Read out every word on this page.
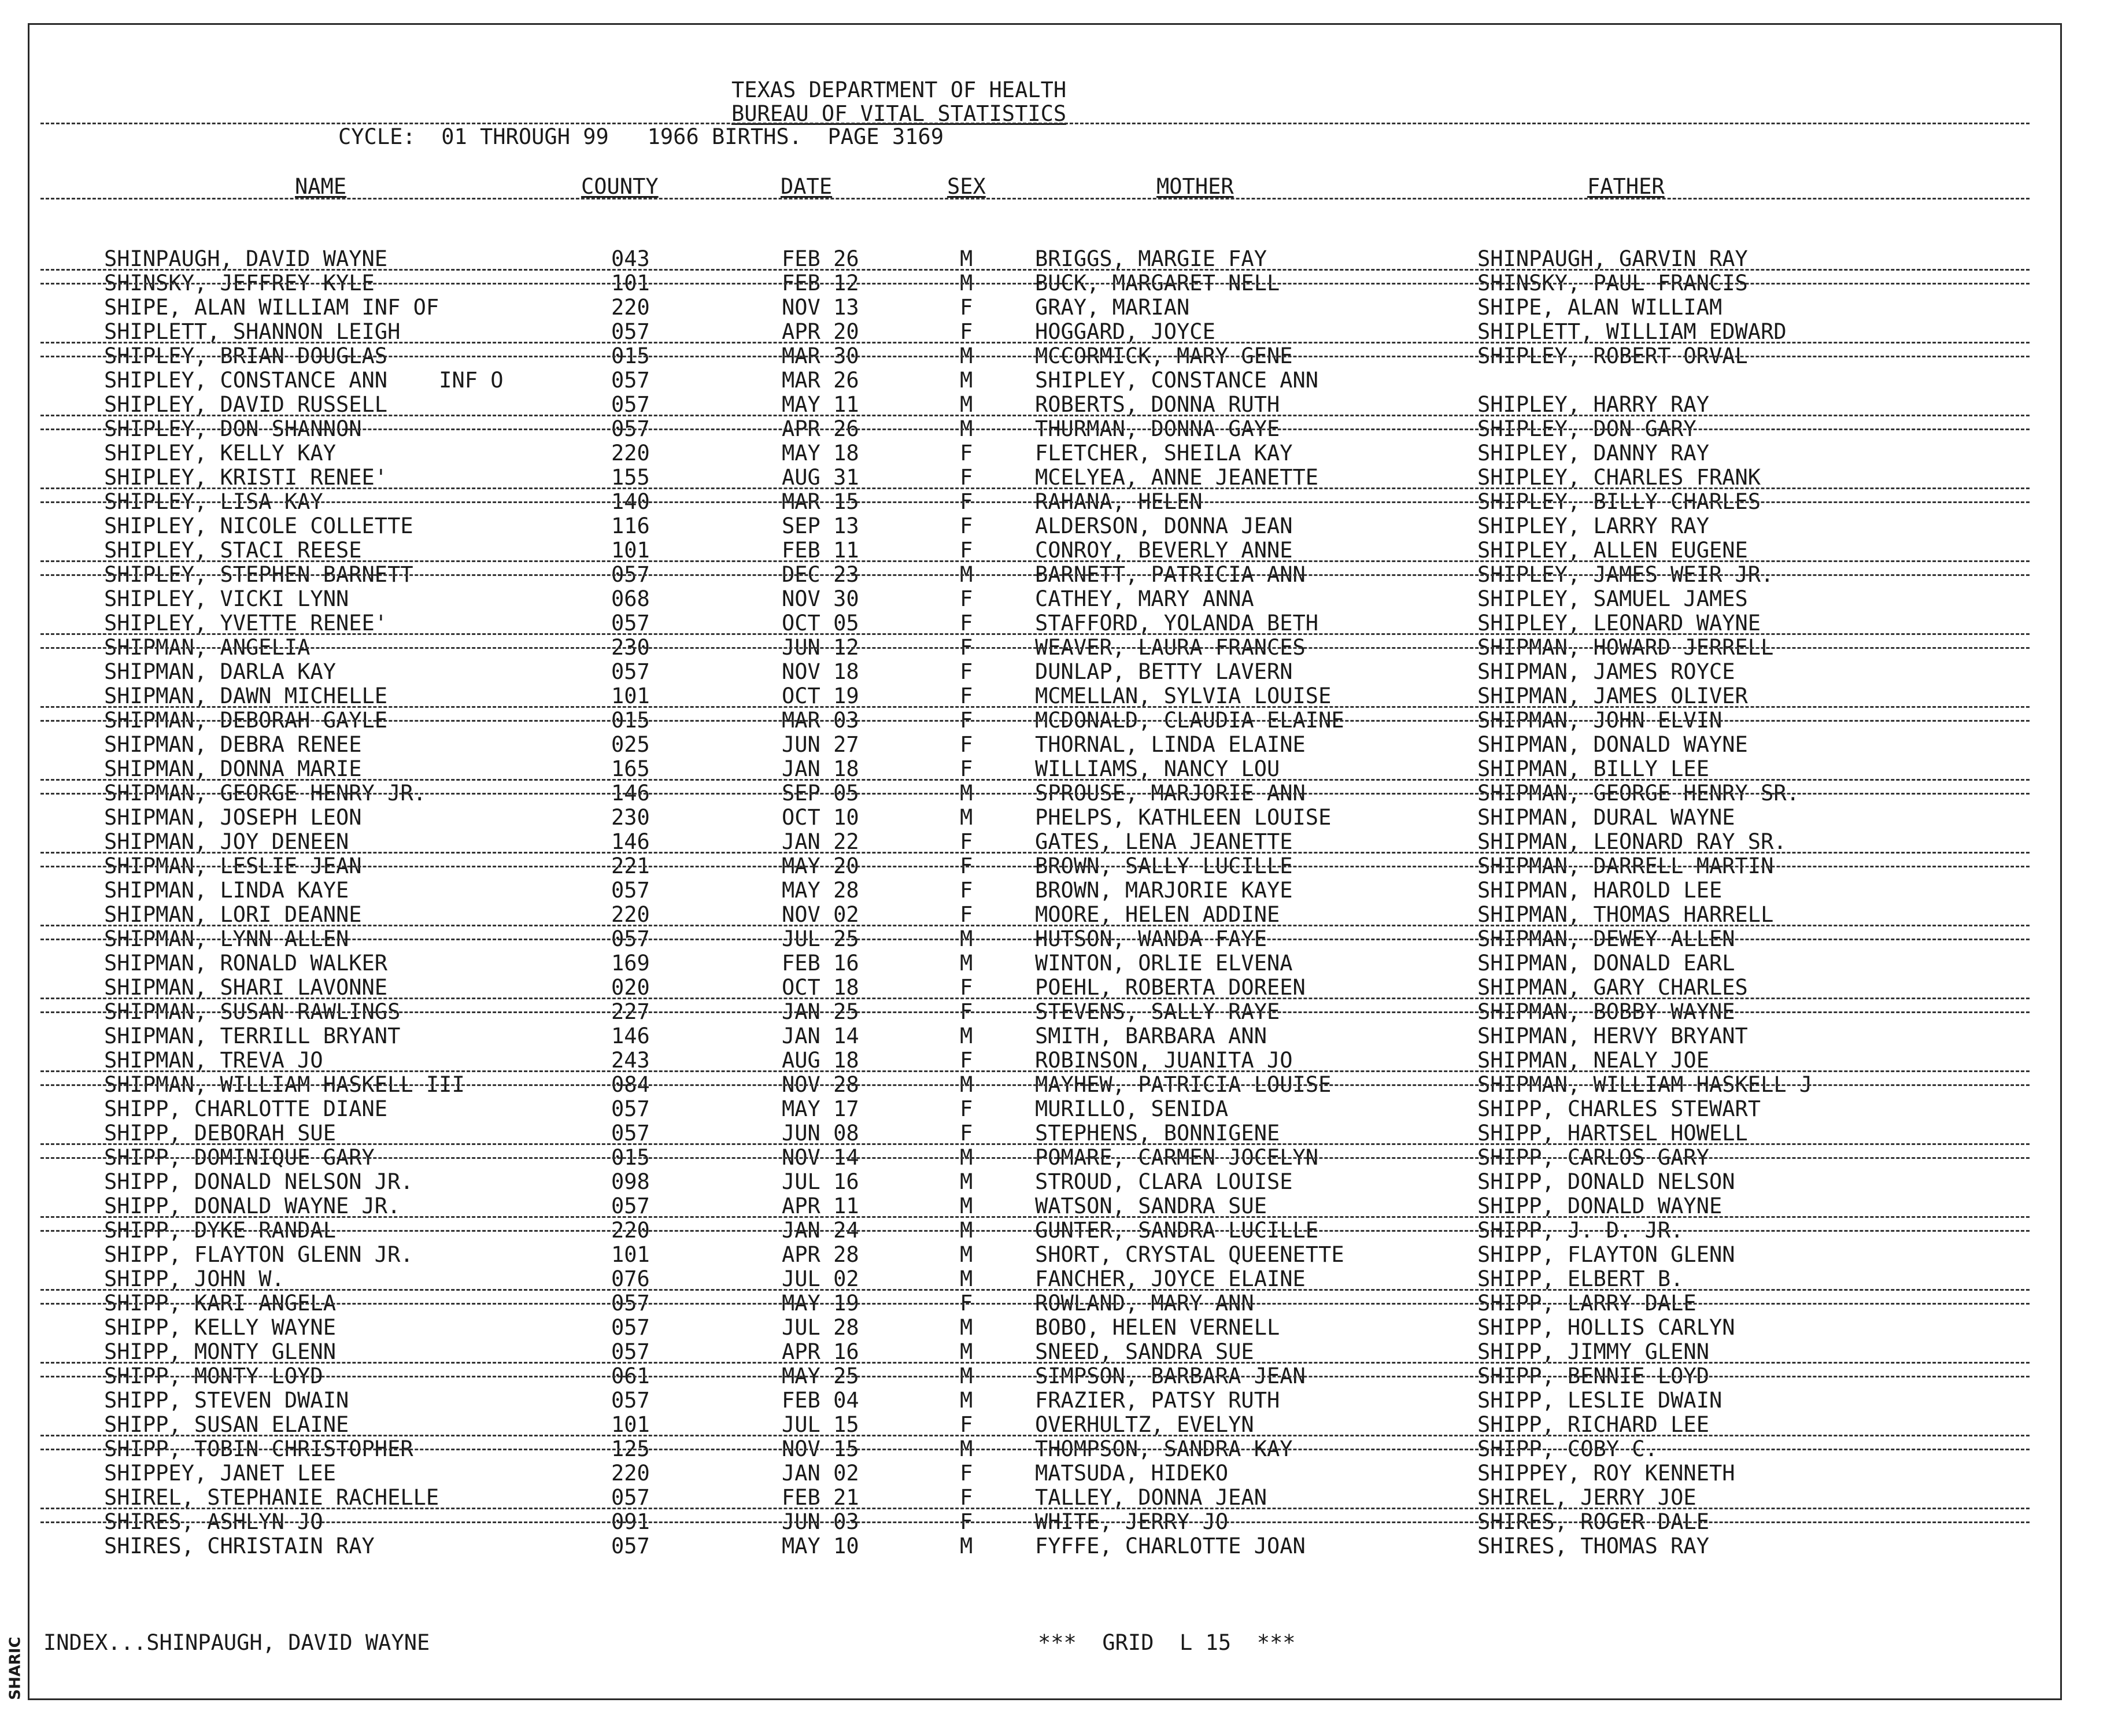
SHARIC
TEXAS DEPARTMENT OF HEALTH
BUREAU OF VITAL STATISTICS
CYCLE:  01 THROUGH 99   1966 BIRTHS.  PAGE 3169
NAME	COUNTY	DATE	SEX	MOTHER	FATHER
SHINPAUGH, DAVID WAYNE	043	FEB 26	M	BRIGGS, MARGIE FAY	SHINPAUGH, GARVIN RAY
SHINSKY, JEFFREY KYLE	101	FEB 12	M	BUCK, MARGARET NELL	SHINSKY, PAUL FRANCIS
SHIPE, ALAN WILLIAM INF OF	220	NOV 13	F	GRAY, MARIAN	SHIPE, ALAN WILLIAM
SHIPLETT, SHANNON LEIGH	057	APR 20	F	HOGGARD, JOYCE	SHIPLETT, WILLIAM EDWARD
SHIPLEY, BRIAN DOUGLAS	015	MAR 30	M	MCCORMICK, MARY GENE	SHIPLEY, ROBERT ORVAL
SHIPLEY, CONSTANCE ANN    INF O	057	MAR 26	M	SHIPLEY, CONSTANCE ANN
SHIPLEY, DAVID RUSSELL	057	MAY 11	M	ROBERTS, DONNA RUTH	SHIPLEY, HARRY RAY
SHIPLEY, DON SHANNON	057	APR 26	M	THURMAN, DONNA GAYE	SHIPLEY, DON GARY
SHIPLEY, KELLY KAY	220	MAY 18	F	FLETCHER, SHEILA KAY	SHIPLEY, DANNY RAY
SHIPLEY, KRISTI RENEE'	155	AUG 31	F	MCELYEA, ANNE JEANETTE	SHIPLEY, CHARLES FRANK
SHIPLEY, LISA KAY	140	MAR 15	F	RAHANA, HELEN	SHIPLEY, BILLY CHARLES
SHIPLEY, NICOLE COLLETTE	116	SEP 13	F	ALDERSON, DONNA JEAN	SHIPLEY, LARRY RAY
SHIPLEY, STACI REESE	101	FEB 11	F	CONROY, BEVERLY ANNE	SHIPLEY, ALLEN EUGENE
SHIPLEY, STEPHEN BARNETT	057	DEC 23	M	BARNETT, PATRICIA ANN	SHIPLEY, JAMES WEIR JR.
SHIPLEY, VICKI LYNN	068	NOV 30	F	CATHEY, MARY ANNA	SHIPLEY, SAMUEL JAMES
SHIPLEY, YVETTE RENEE'	057	OCT 05	F	STAFFORD, YOLANDA BETH	SHIPLEY, LEONARD WAYNE
SHIPMAN, ANGELIA	230	JUN 12	F	WEAVER, LAURA FRANCES	SHIPMAN, HOWARD JERRELL
SHIPMAN, DARLA KAY	057	NOV 18	F	DUNLAP, BETTY LAVERN	SHIPMAN, JAMES ROYCE
SHIPMAN, DAWN MICHELLE	101	OCT 19	F	MCMELLAN, SYLVIA LOUISE	SHIPMAN, JAMES OLIVER
SHIPMAN, DEBORAH GAYLE	015	MAR 03	F	MCDONALD, CLAUDIA ELAINE	SHIPMAN, JOHN ELVIN
SHIPMAN, DEBRA RENEE	025	JUN 27	F	THORNAL, LINDA ELAINE	SHIPMAN, DONALD WAYNE
SHIPMAN, DONNA MARIE	165	JAN 18	F	WILLIAMS, NANCY LOU	SHIPMAN, BILLY LEE
SHIPMAN, GEORGE HENRY JR.	146	SEP 05	M	SPROUSE, MARJORIE ANN	SHIPMAN, GEORGE HENRY SR.
SHIPMAN, JOSEPH LEON	230	OCT 10	M	PHELPS, KATHLEEN LOUISE	SHIPMAN, DURAL WAYNE
SHIPMAN, JOY DENEEN	146	JAN 22	F	GATES, LENA JEANETTE	SHIPMAN, LEONARD RAY SR.
SHIPMAN, LESLIE JEAN	221	MAY 20	F	BROWN, SALLY LUCILLE	SHIPMAN, DARRELL MARTIN
SHIPMAN, LINDA KAYE	057	MAY 28	F	BROWN, MARJORIE KAYE	SHIPMAN, HAROLD LEE
SHIPMAN, LORI DEANNE	220	NOV 02	F	MOORE, HELEN ADDINE	SHIPMAN, THOMAS HARRELL
SHIPMAN, LYNN ALLEN	057	JUL 25	M	HUTSON, WANDA FAYE	SHIPMAN, DEWEY ALLEN
SHIPMAN, RONALD WALKER	169	FEB 16	M	WINTON, ORLIE ELVENA	SHIPMAN, DONALD EARL
SHIPMAN, SHARI LAVONNE	020	OCT 18	F	POEHL, ROBERTA DOREEN	SHIPMAN, GARY CHARLES
SHIPMAN, SUSAN RAWLINGS	227	JAN 25	F	STEVENS, SALLY RAYE	SHIPMAN, BOBBY WAYNE
SHIPMAN, TERRILL BRYANT	146	JAN 14	M	SMITH, BARBARA ANN	SHIPMAN, HERVY BRYANT
SHIPMAN, TREVA JO	243	AUG 18	F	ROBINSON, JUANITA JO	SHIPMAN, NEALY JOE
SHIPMAN, WILLIAM HASKELL III	084	NOV 28	M	MAYHEW, PATRICIA LOUISE	SHIPMAN, WILLIAM HASKELL J
SHIPP, CHARLOTTE DIANE	057	MAY 17	F	MURILLO, SENIDA	SHIPP, CHARLES STEWART
SHIPP, DEBORAH SUE	057	JUN 08	F	STEPHENS, BONNIGENE	SHIPP, HARTSEL HOWELL
SHIPP, DOMINIQUE GARY	015	NOV 14	M	POMARE, CARMEN JOCELYN	SHIPP, CARLOS GARY
SHIPP, DONALD NELSON JR.	098	JUL 16	M	STROUD, CLARA LOUISE	SHIPP, DONALD NELSON
SHIPP, DONALD WAYNE JR.	057	APR 11	M	WATSON, SANDRA SUE	SHIPP, DONALD WAYNE
SHIPP, DYKE RANDAL	220	JAN 24	M	GUNTER, SANDRA LUCILLE	SHIPP, J. D. JR.
SHIPP, FLAYTON GLENN JR.	101	APR 28	M	SHORT, CRYSTAL QUEENETTE	SHIPP, FLAYTON GLENN
SHIPP, JOHN W.	076	JUL 02	M	FANCHER, JOYCE ELAINE	SHIPP, ELBERT B.
SHIPP, KARI ANGELA	057	MAY 19	F	ROWLAND, MARY ANN	SHIPP, LARRY DALE
SHIPP, KELLY WAYNE	057	JUL 28	M	BOBO, HELEN VERNELL	SHIPP, HOLLIS CARLYN
SHIPP, MONTY GLENN	057	APR 16	M	SNEED, SANDRA SUE	SHIPP, JIMMY GLENN
SHIPP, MONTY LOYD	061	MAY 25	M	SIMPSON, BARBARA JEAN	SHIPP, BENNIE LOYD
SHIPP, STEVEN DWAIN	057	FEB 04	M	FRAZIER, PATSY RUTH	SHIPP, LESLIE DWAIN
SHIPP, SUSAN ELAINE	101	JUL 15	F	OVERHULTZ, EVELYN	SHIPP, RICHARD LEE
SHIPP, TOBIN CHRISTOPHER	125	NOV 15	M	THOMPSON, SANDRA KAY	SHIPP, COBY C.
SHIPPEY, JANET LEE	220	JAN 02	F	MATSUDA, HIDEKO	SHIPPEY, ROY KENNETH
SHIREL, STEPHANIE RACHELLE	057	FEB 21	F	TALLEY, DONNA JEAN	SHIREL, JERRY JOE
SHIRES, ASHLYN JO	091	JUN 03	F	WHITE, JERRY JO	SHIRES, ROGER DALE
SHIRES, CHRISTAIN RAY	057	MAY 10	M	FYFFE, CHARLOTTE JOAN	SHIRES, THOMAS RAY
INDEX...SHINPAUGH, DAVID WAYNE	***  GRID  L 15  ***
